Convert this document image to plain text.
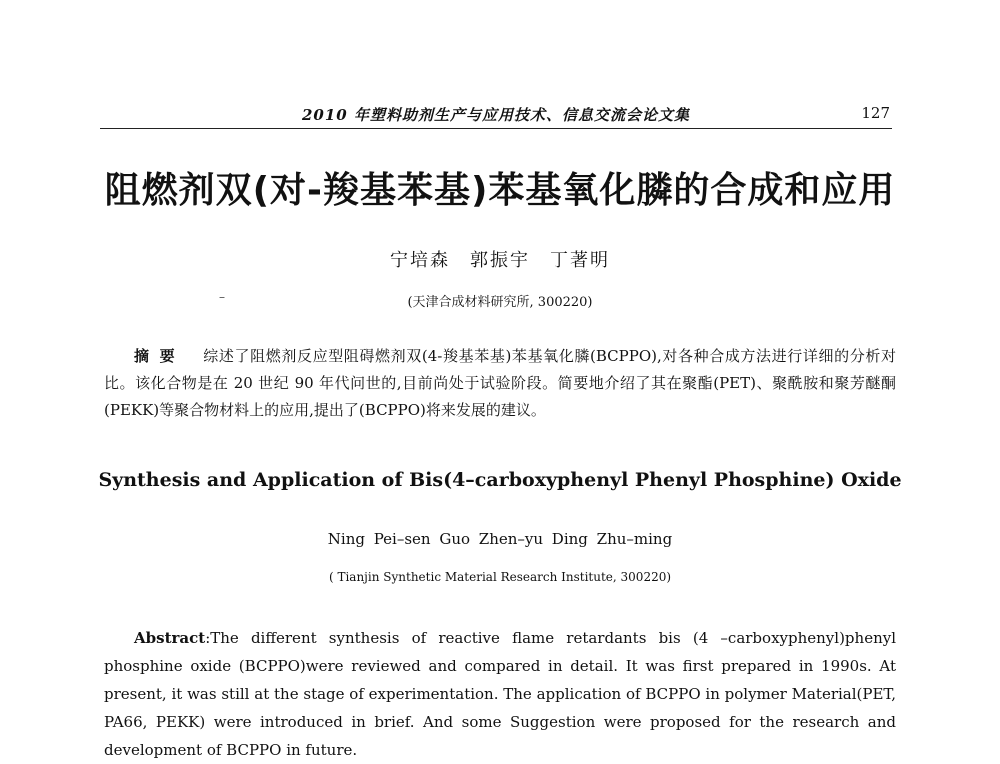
2010 年塑料助剂生产与应用技术、信息交流会论文集	127
阻燃剂双(对-羧基苯基)苯基氧化膦的合成和应用
宁培森　郭振宇　丁著明
–	(天津合成材料研究所, 300220)
摘要 综述了阻燃剂反应型阻碍燃剂双(4-羧基苯基)苯基氧化膦(BCPPO),对各种合成方法进行详细的分析对比。该化合物是在 20 世纪 90 年代问世的,目前尚处于试验阶段。简要地介绍了其在聚酯(PET)、聚酰胺和聚芳醚酮(PEKK)等聚合物材料上的应用,提出了(BCPPO)将来发展的建议。
Synthesis and Application of Bis(4–carboxyphenyl Phenyl Phosphine) Oxide
Ning Pei–sen Guo Zhen–yu Ding Zhu–ming
( Tianjin Synthetic Material Research Institute, 300220)
Abstract:The different synthesis of reactive flame retardants bis (4 –carboxyphenyl)phenyl phosphine oxide (BCPPO)were reviewed and compared in detail. It was first prepared in 1990s. At present, it was still at the stage of experimentation. The application of BCPPO in polymer Material(PET, PA66, PEKK) were introduced in brief. And some Suggestion were proposed for the research and development of BCPPO in future.
